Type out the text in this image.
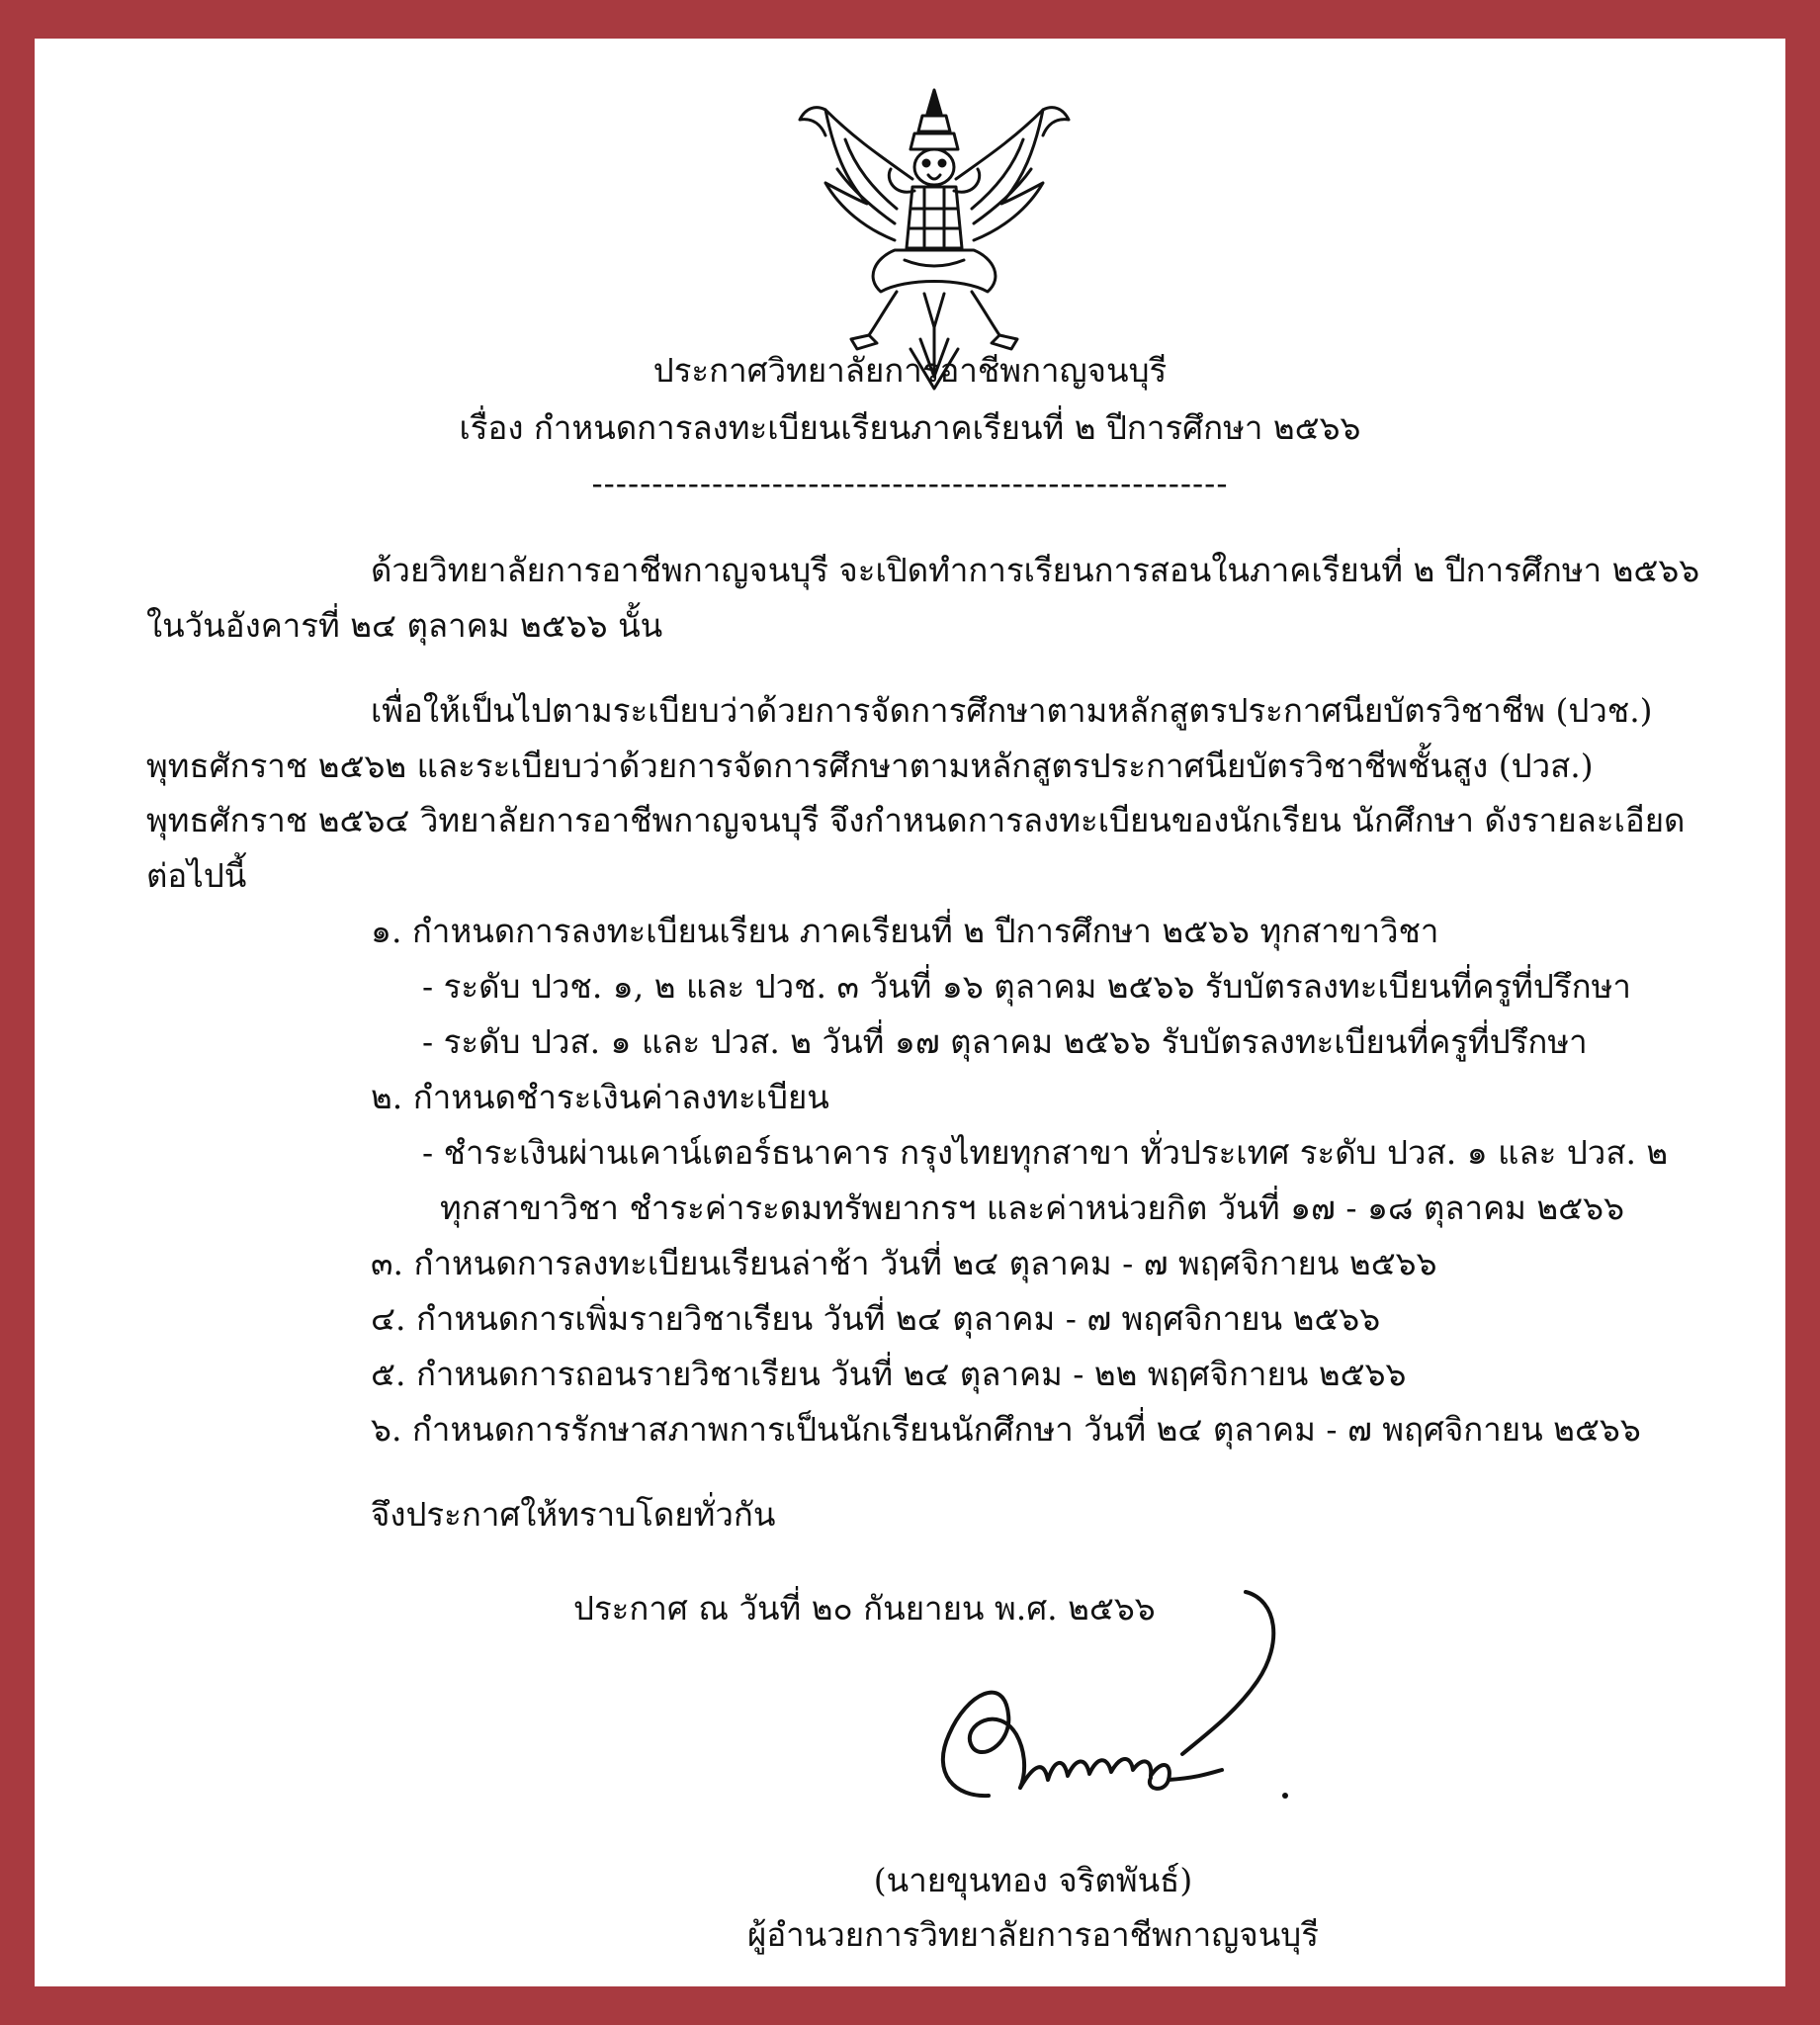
ประกาศวิทยาลัยการอาชีพกาญจนบุรี
เรื่อง กำหนดการลงทะเบียนเรียนภาคเรียนที่ ๒ ปีการศึกษา ๒๕๖๖
-----------------------------------------------------
ด้วยวิทยาลัยการอาชีพกาญจนบุรี จะเปิดทำการเรียนการสอนในภาคเรียนที่ ๒ ปีการศึกษา ๒๕๖๖
ในวันอังคารที่ ๒๔ ตุลาคม ๒๕๖๖ นั้น
เพื่อให้เป็นไปตามระเบียบว่าด้วยการจัดการศึกษาตามหลักสูตรประกาศนียบัตรวิชาชีพ (ปวช.)
พุทธศักราช ๒๕๖๒ และระเบียบว่าด้วยการจัดการศึกษาตามหลักสูตรประกาศนียบัตรวิชาชีพชั้นสูง (ปวส.)
พุทธศักราช ๒๕๖๔ วิทยาลัยการอาชีพกาญจนบุรี จึงกำหนดการลงทะเบียนของนักเรียน นักศึกษา ดังรายละเอียด
ต่อไปนี้
๑. กำหนดการลงทะเบียนเรียน ภาคเรียนที่ ๒ ปีการศึกษา ๒๕๖๖ ทุกสาขาวิชา
- ระดับ ปวช. ๑, ๒ และ ปวช. ๓ วันที่ ๑๖ ตุลาคม ๒๕๖๖ รับบัตรลงทะเบียนที่ครูที่ปรึกษา
- ระดับ ปวส. ๑ และ ปวส. ๒ วันที่ ๑๗ ตุลาคม ๒๕๖๖ รับบัตรลงทะเบียนที่ครูที่ปรึกษา
๒. กำหนดชำระเงินค่าลงทะเบียน
- ชำระเงินผ่านเคาน์เตอร์ธนาคาร กรุงไทยทุกสาขา ทั่วประเทศ ระดับ ปวส. ๑ และ ปวส. ๒
ทุกสาขาวิชา ชำระค่าระดมทรัพยากรฯ และค่าหน่วยกิต วันที่ ๑๗ - ๑๘ ตุลาคม ๒๕๖๖
๓. กำหนดการลงทะเบียนเรียนล่าช้า วันที่ ๒๔ ตุลาคม - ๗ พฤศจิกายน ๒๕๖๖
๔. กำหนดการเพิ่มรายวิชาเรียน วันที่ ๒๔ ตุลาคม - ๗ พฤศจิกายน ๒๕๖๖
๕. กำหนดการถอนรายวิชาเรียน วันที่ ๒๔ ตุลาคม - ๒๒ พฤศจิกายน ๒๕๖๖
๖. กำหนดการรักษาสภาพการเป็นนักเรียนนักศึกษา วันที่ ๒๔ ตุลาคม - ๗ พฤศจิกายน ๒๕๖๖
จึงประกาศให้ทราบโดยทั่วกัน
ประกาศ ณ วันที่ ๒๐ กันยายน พ.ศ. ๒๕๖๖
(นายขุนทอง จริตพันธ์)
ผู้อำนวยการวิทยาลัยการอาชีพกาญจนบุรี
